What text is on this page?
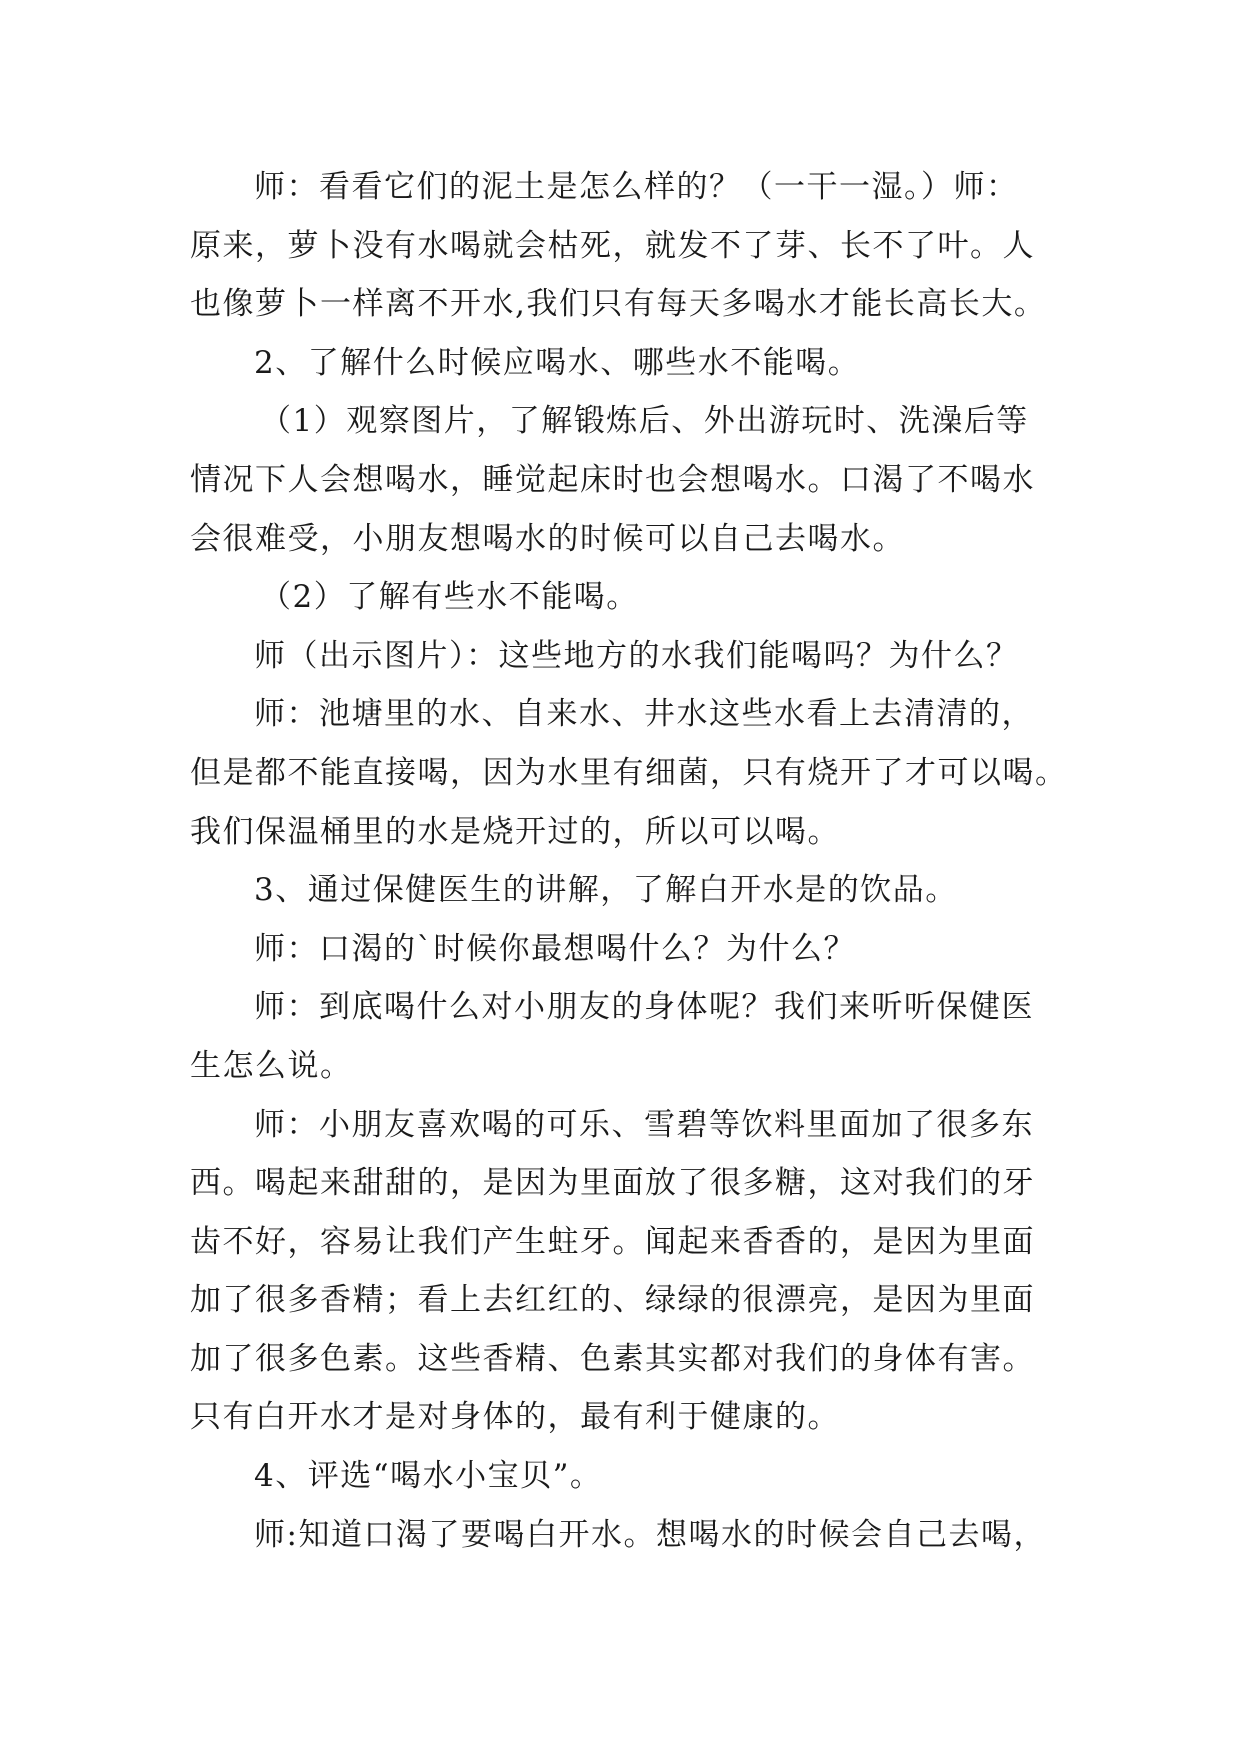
师：看看它们的泥土是怎么样的？（一干一湿。）师：
原来，萝卜没有水喝就会枯死，就发不了芽、长不了叶。人
也像萝卜一样离不开水,我们只有每天多喝水才能长高长大。
2、了解什么时候应喝水、哪些水不能喝。
（1）观察图片，了解锻炼后、外出游玩时、洗澡后等
情况下人会想喝水，睡觉起床时也会想喝水。口渴了不喝水
会很难受，小朋友想喝水的时候可以自己去喝水。
（2）了解有些水不能喝。
师（出示图片）：这些地方的水我们能喝吗？为什么？
师：池塘里的水、自来水、井水这些水看上去清清的，
但是都不能直接喝，因为水里有细菌，只有烧开了才可以喝。
我们保温桶里的水是烧开过的，所以可以喝。
3、通过保健医生的讲解，了解白开水是的饮品。
师：口渴的`时候你最想喝什么？为什么？
师：到底喝什么对小朋友的身体呢？我们来听听保健医
生怎么说。
师：小朋友喜欢喝的可乐、雪碧等饮料里面加了很多东
西。喝起来甜甜的，是因为里面放了很多糖，这对我们的牙
齿不好，容易让我们产生蛀牙。闻起来香香的，是因为里面
加了很多香精；看上去红红的、绿绿的很漂亮，是因为里面
加了很多色素。这些香精、色素其实都对我们的身体有害。
只有白开水才是对身体的，最有利于健康的。
4、评选“喝水小宝贝”。
师:知道口渴了要喝白开水。想喝水的时候会自己去喝，
